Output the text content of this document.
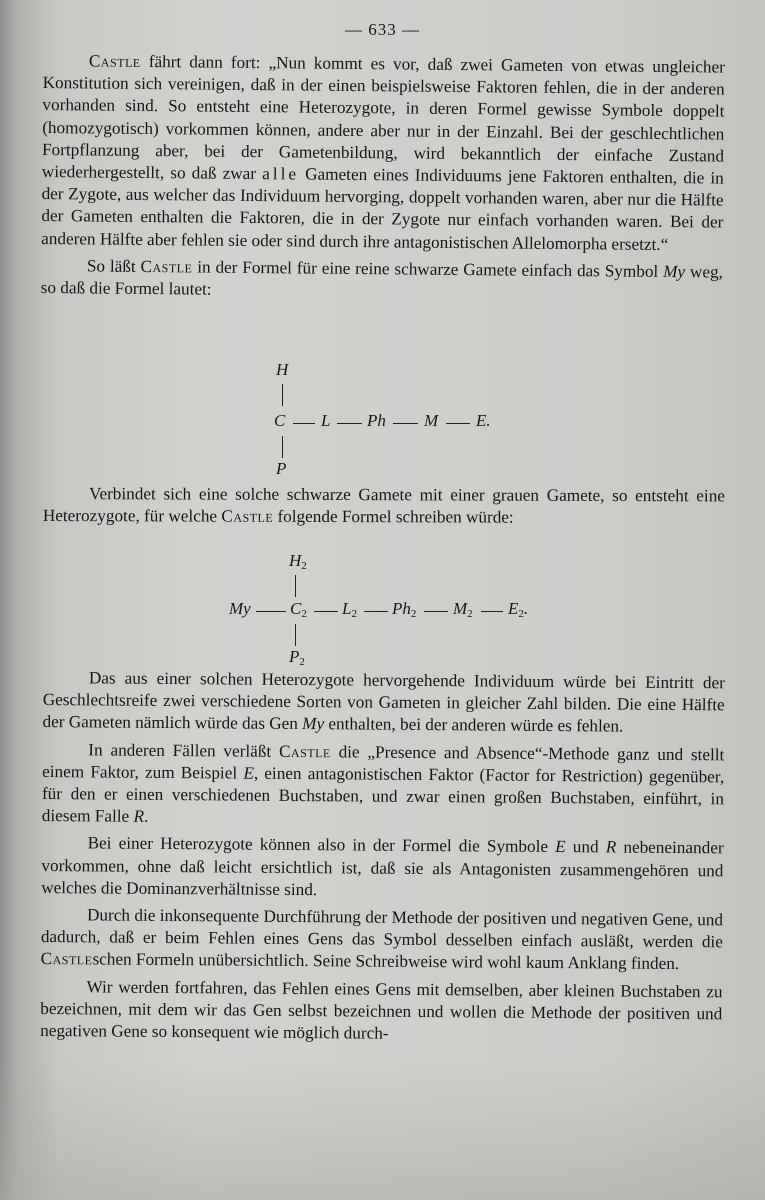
— 633 —

Castle fährt dann fort: „Nun kommt es vor, daß zwei Gameten von etwas ungleicher Konstitution sich vereinigen, daß in der einen beispielsweise Faktoren fehlen, die in der anderen vorhanden sind. So entsteht eine Heterozygote, in deren Formel gewisse Symbole doppelt (homozygotisch) vorkommen können, andere aber nur in der Einzahl. Bei der geschlechtlichen Fortpflanzung aber, bei der Gametenbildung, wird bekanntlich der einfache Zustand wiederhergestellt, so daß zwar alle Gameten eines Individuums jene Faktoren enthalten, die in der Zygote, aus welcher das Individuum hervorging, doppelt vorhanden waren, aber nur die Hälfte der Gameten enthalten die Faktoren, die in der Zygote nur einfach vorhanden waren. Bei der anderen Hälfte aber fehlen sie oder sind durch ihre antagonistischen Allelomorpha ersetzt.“

So läßt Castle in der Formel für eine reine schwarze Gamete einfach das Symbol My weg, so daß die Formel lautet:

H
C L Ph M E.
P

Verbindet sich eine solche schwarze Gamete mit einer grauen Gamete, so entsteht eine Heterozygote, für welche Castle folgende Formel schreiben würde:

$H_2$
My $C_2$ $L_2$ $Ph_2$ $M_2$ $E_2$.
$P_2$

Das aus einer solchen Heterozygote hervorgehende Individuum würde bei Eintritt der Geschlechtsreife zwei verschiedene Sorten von Gameten in gleicher Zahl bilden. Die eine Hälfte der Gameten nämlich würde das Gen My enthalten, bei der anderen würde es fehlen.

In anderen Fällen verläßt Castle die „Presence and Absence“-Methode ganz und stellt einem Faktor, zum Beispiel E, einen antagonistischen Faktor (Factor for Restriction) gegenüber, für den er einen verschiedenen Buchstaben, und zwar einen großen Buchstaben, einführt, in diesem Falle R.

Bei einer Heterozygote können also in der Formel die Symbole E und R nebeneinander vorkommen, ohne daß leicht ersichtlich ist, daß sie als Antagonisten zusammengehören und welches die Dominanzverhältnisse sind.

Durch die inkonsequente Durchführung der Methode der positiven und negativen Gene, und dadurch, daß er beim Fehlen eines Gens das Symbol desselben einfach ausläßt, werden die Castleschen Formeln unübersichtlich. Seine Schreibweise wird wohl kaum Anklang finden.

Wir werden fortfahren, das Fehlen eines Gens mit demselben, aber kleinen Buchstaben zu bezeichnen, mit dem wir das Gen selbst bezeichnen und wollen die Methode der positiven und negativen Gene so konsequent wie möglich durch-
